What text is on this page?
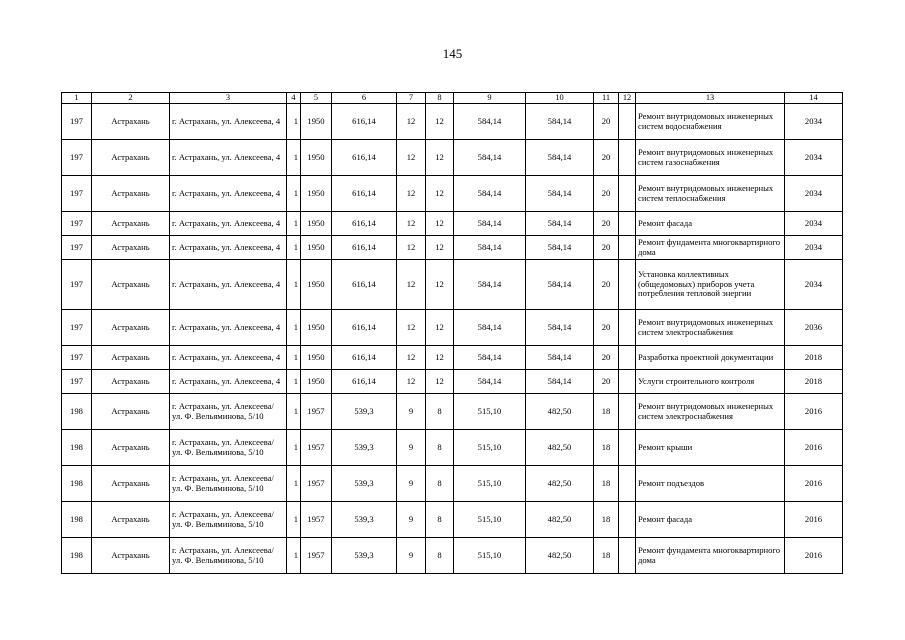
145
1	2	3	4	5	6	7	8	9	10	11	12	13	14
197	Астрахань	г. Астрахань, ул. Алексеева, 4	1	1950	616,14	12	12	584,14	584,14	20		Ремонт внутридомовых инженерных систем водоснабжения	2034
197	Астрахань	г. Астрахань, ул. Алексеева, 4	1	1950	616,14	12	12	584,14	584,14	20		Ремонт внутридомовых инженерных систем газоснабжения	2034
197	Астрахань	г. Астрахань, ул. Алексеева, 4	1	1950	616,14	12	12	584,14	584,14	20		Ремонт внутридомовых инженерных систем теплоснабжения	2034
197	Астрахань	г. Астрахань, ул. Алексеева, 4	1	1950	616,14	12	12	584,14	584,14	20		Ремонт фасада	2034
197	Астрахань	г. Астрахань, ул. Алексеева, 4	1	1950	616,14	12	12	584,14	584,14	20		Ремонт фундамента многоквартирного дома	2034
197	Астрахань	г. Астрахань, ул. Алексеева, 4	1	1950	616,14	12	12	584,14	584,14	20		Установка коллективных (общедомовых) приборов учета потребления тепловой энергии	2034
197	Астрахань	г. Астрахань, ул. Алексеева, 4	1	1950	616,14	12	12	584,14	584,14	20		Ремонт внутридомовых инженерных систем электроснабжения	2036
197	Астрахань	г. Астрахань, ул. Алексеева, 4	1	1950	616,14	12	12	584,14	584,14	20		Разработка проектной документации	2018
197	Астрахань	г. Астрахань, ул. Алексеева, 4	1	1950	616,14	12	12	584,14	584,14	20		Услуги строительного контроля	2018
198	Астрахань	г. Астрахань, ул. Алексеева/ ул. Ф. Вельяминова, 5/10	1	1957	539,3	9	8	515,10	482,50	18		Ремонт внутридомовых инженерных систем электроснабжения	2016
198	Астрахань	г. Астрахань, ул. Алексеева/ ул. Ф. Вельяминова, 5/10	1	1957	539,3	9	8	515,10	482,50	18		Ремонт крыши	2016
198	Астрахань	г. Астрахань, ул. Алексеева/ ул. Ф. Вельяминова, 5/10	1	1957	539,3	9	8	515,10	482,50	18		Ремонт подъездов	2016
198	Астрахань	г. Астрахань, ул. Алексеева/ ул. Ф. Вельяминова, 5/10	1	1957	539,3	9	8	515,10	482,50	18		Ремонт фасада	2016
198	Астрахань	г. Астрахань, ул. Алексеева/ ул. Ф. Вельяминова, 5/10	1	1957	539,3	9	8	515,10	482,50	18		Ремонт фундамента многоквартирного дома	2016
